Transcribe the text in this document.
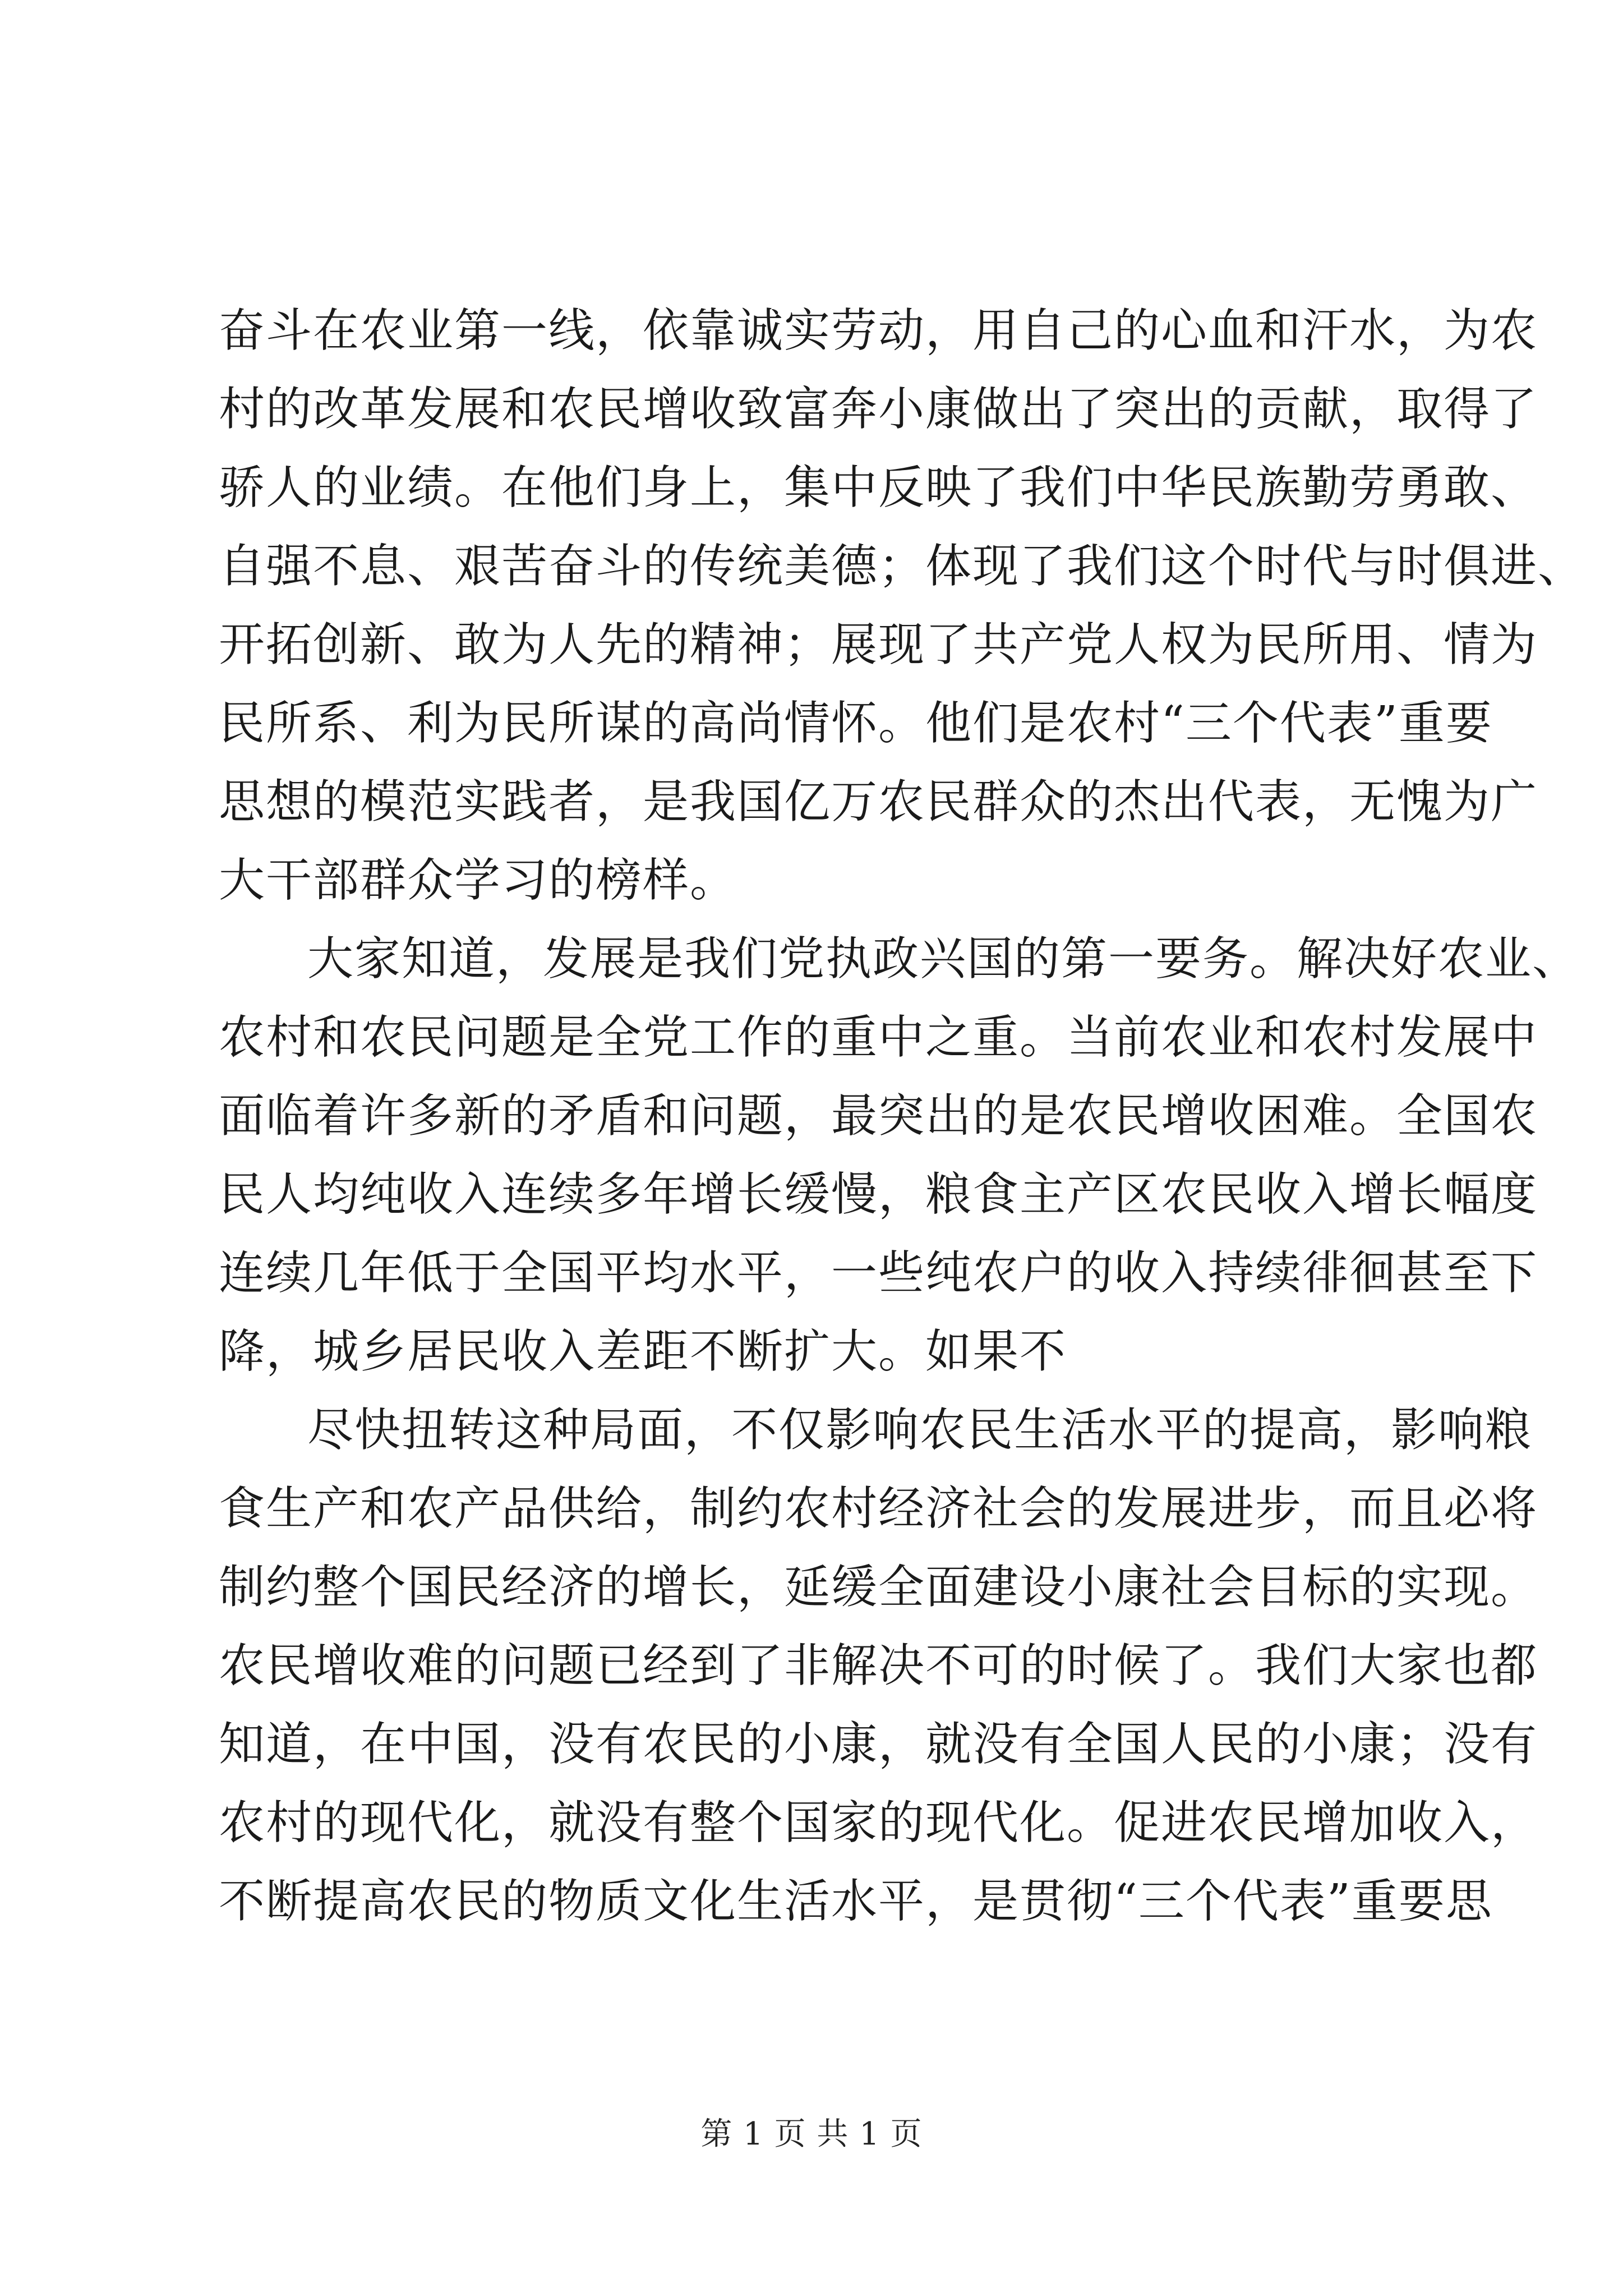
奋斗在农业第一线，依靠诚实劳动，用自己的心血和汗水，为农
村的改革发展和农民增收致富奔小康做出了突出的贡献，取得了
骄人的业绩。在他们身上，集中反映了我们中华民族勤劳勇敢、
自强不息、艰苦奋斗的传统美德；体现了我们这个时代与时俱进、
开拓创新、敢为人先的精神；展现了共产党人权为民所用、情为
民所系、利为民所谋的高尚情怀。他们是农村“三个代表”重要
思想的模范实践者，是我国亿万农民群众的杰出代表，无愧为广
大干部群众学习的榜样。
大家知道，发展是我们党执政兴国的第一要务。解决好农业、
农村和农民问题是全党工作的重中之重。当前农业和农村发展中
面临着许多新的矛盾和问题，最突出的是农民增收困难。全国农
民人均纯收入连续多年增长缓慢，粮食主产区农民收入增长幅度
连续几年低于全国平均水平，一些纯农户的收入持续徘徊甚至下
降，城乡居民收入差距不断扩大。如果不
尽快扭转这种局面，不仅影响农民生活水平的提高，影响粮
食生产和农产品供给，制约农村经济社会的发展进步，而且必将
制约整个国民经济的增长，延缓全面建设小康社会目标的实现。
农民增收难的问题已经到了非解决不可的时候了。我们大家也都
知道，在中国，没有农民的小康，就没有全国人民的小康；没有
农村的现代化，就没有整个国家的现代化。促进农民增加收入，
不断提高农民的物质文化生活水平，是贯彻“三个代表”重要思
第 1 页 共 1 页
